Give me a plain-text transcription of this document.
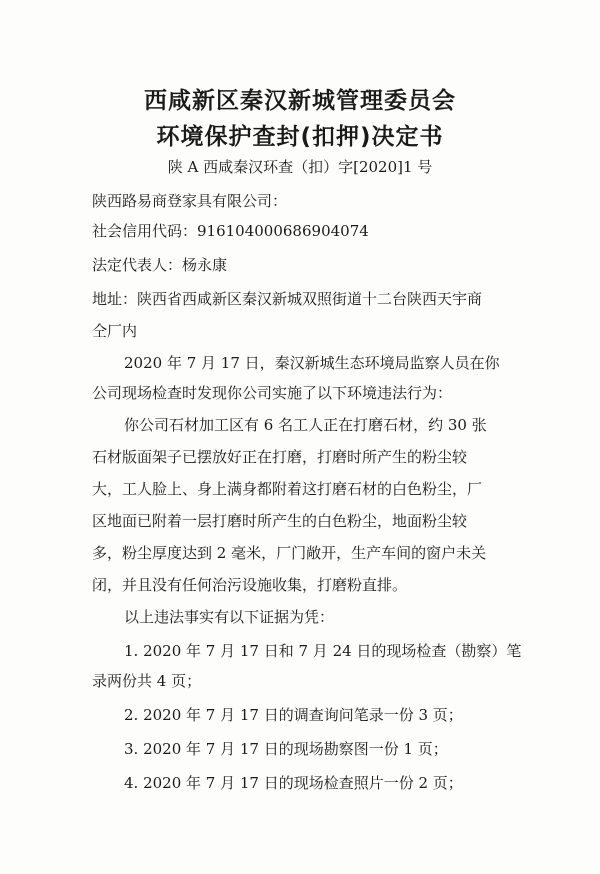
西咸新区秦汉新城管理委员会
环境保护查封(扣押)决定书
陕 A 西咸秦汉环查（扣）字[2020]1 号
陕西路易商登家具有限公司：
社会信用代码：91610400068690407​4
法定代表人：杨永康
地址：陕西省西咸新区秦汉新城双照街道十二台陕西天宇商
仝厂内
2020 年 7 月 17 日，秦汉新城生态环境局监察人员在你
公司现场检查时发现你公司实施了以下环境违法行为：
你公司石材加工区有 6 名工人正在打磨石材，约 30 张
石材版面架子已摆放好正在打磨，打磨时所产生的粉尘较
大，工人脸上、身上满身都附着这打磨石材的白色粉尘，厂
区地面已附着一层打磨时所产生的白色粉尘，地面粉尘较
多，粉尘厚度达到 2 毫米，厂门敞开，生产车间的窗户未关
闭，并且没有任何治污设施收集，打磨粉直排。
以上违法事实有以下证据为凭：
1. 2020 年 7 月 17 日和 7 月 24 日的现场检查（勘察）笔
录两份共 4 页；
2. 2020 年 7 月 17 日的调查询问笔录一份 3 页；
3. 2020 年 7 月 17 日的现场勘察图一份 1 页；
4. 2020 年 7 月 17 日的现场检查照片一份 2 页；
